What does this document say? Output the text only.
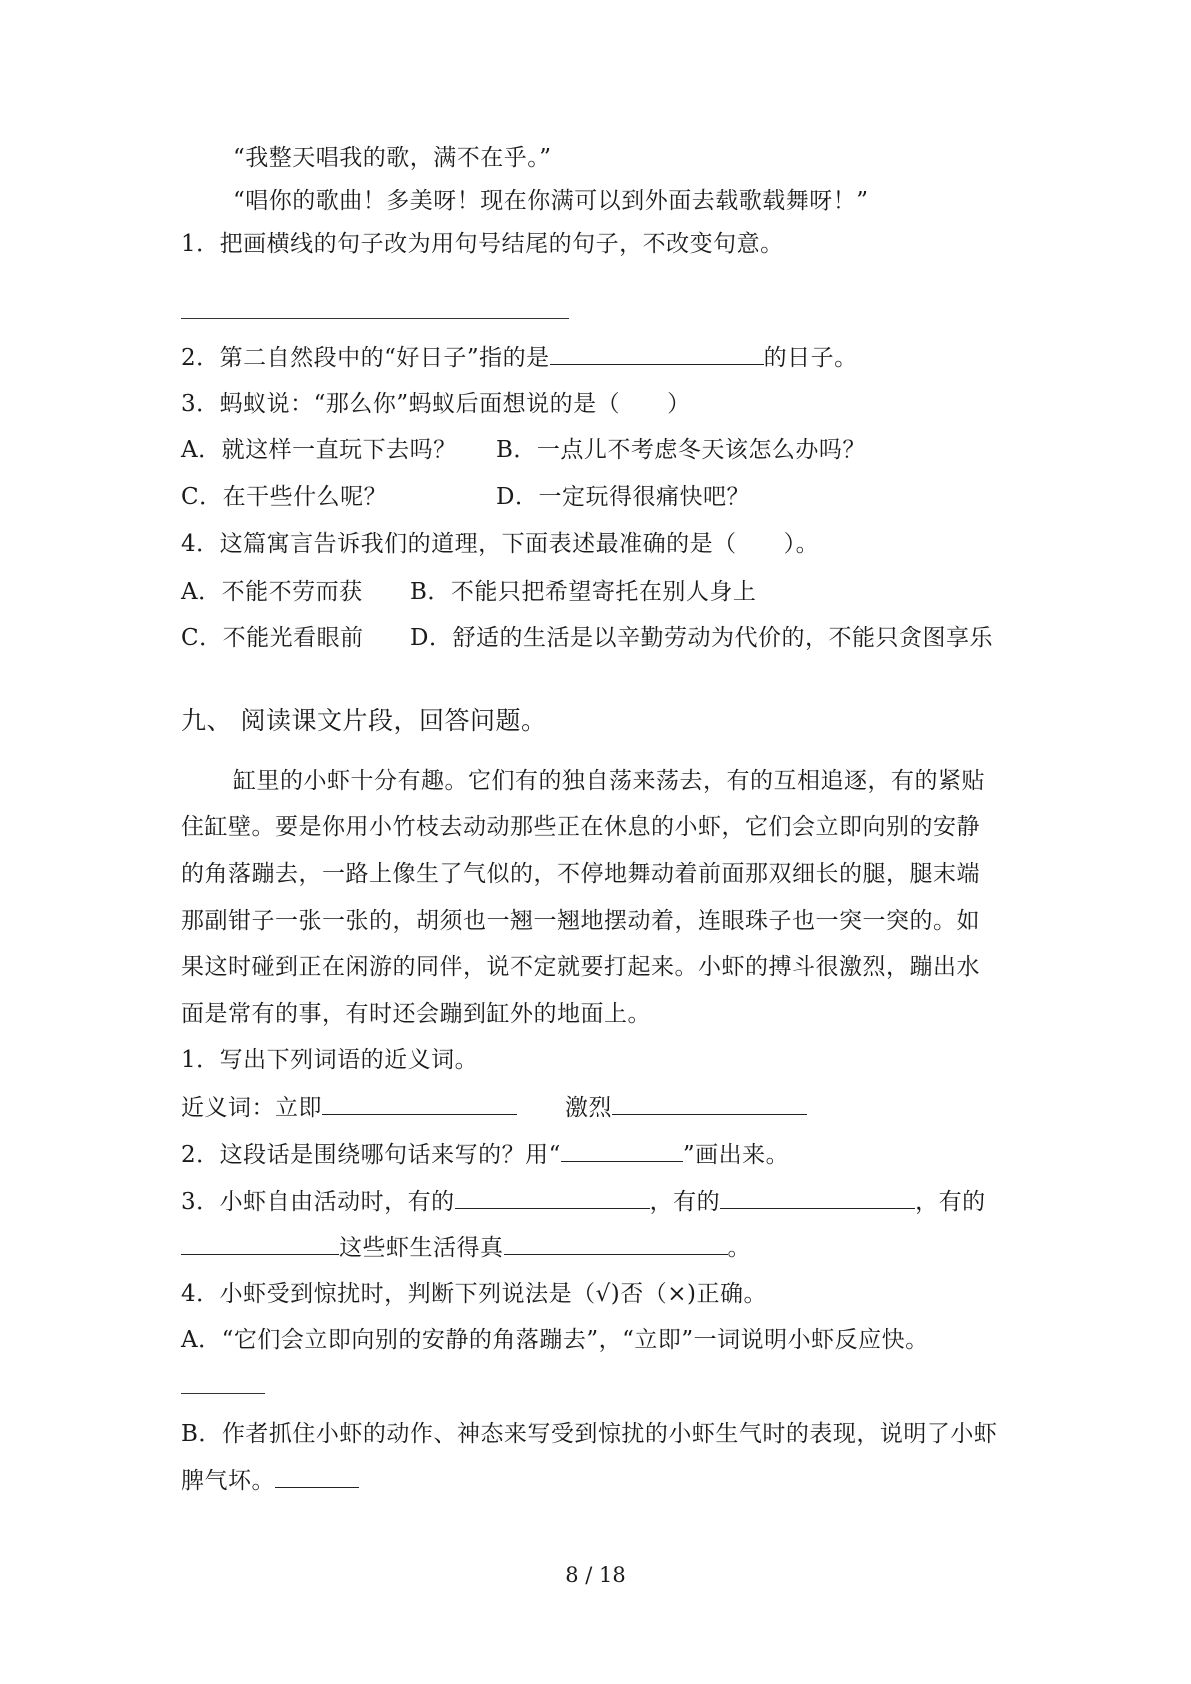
“我整天唱我的歌，满不在乎。”
“唱你的歌曲！多美呀！现在你满可以到外面去载歌载舞呀！”
1．把画横线的句子改为用句号结尾的句子，不改变句意。
2．第二自然段中的“好日子”指的是	的日子。
3．蚂蚁说：“那么你”蚂蚁后面想说的是（　　）
A．就这样一直玩下去吗？ B．一点儿不考虑冬天该怎么办吗？
C．在干些什么呢？	D．一定玩得很痛快吧？
4．这篇寓言告诉我们的道理，下面表述最准确的是（　　）。
A．不能不劳而获 B．不能只把希望寄托在别人身上
C．不能光看眼前 D．舒适的生活是以辛勤劳动为代价的，不能只贪图享乐
九、 阅读课文片段，回答问题。
缸里的小虾十分有趣。它们有的独自荡来荡去，有的互相追逐，有的紧贴
住缸壁。要是你用小竹枝去动动那些正在休息的小虾，它们会立即向别的安静
的角落蹦去，一路上像生了气似的，不停地舞动着前面那双细长的腿，腿末端
那副钳子一张一张的，胡须也一翘一翘地摆动着，连眼珠子也一突一突的。如
果这时碰到正在闲游的同伴，说不定就要打起来。小虾的搏斗很激烈，蹦出水
面是常有的事，有时还会蹦到缸外的地面上。
1．写出下列词语的近义词。
近义词：立即	激烈
2．这段话是围绕哪句话来写的？用“	”画出来。
3．小虾自由活动时，有的	，有的	，有的
这些虾生活得真	。
4．小虾受到惊扰时，判断下列说法是（√)否（×)正确。
A．“它们会立即向别的安静的角落蹦去”，“立即”一词说明小虾反应快。
B．作者抓住小虾的动作、神态来写受到惊扰的小虾生气时的表现，说明了小虾
脾气坏。
8 / 18
